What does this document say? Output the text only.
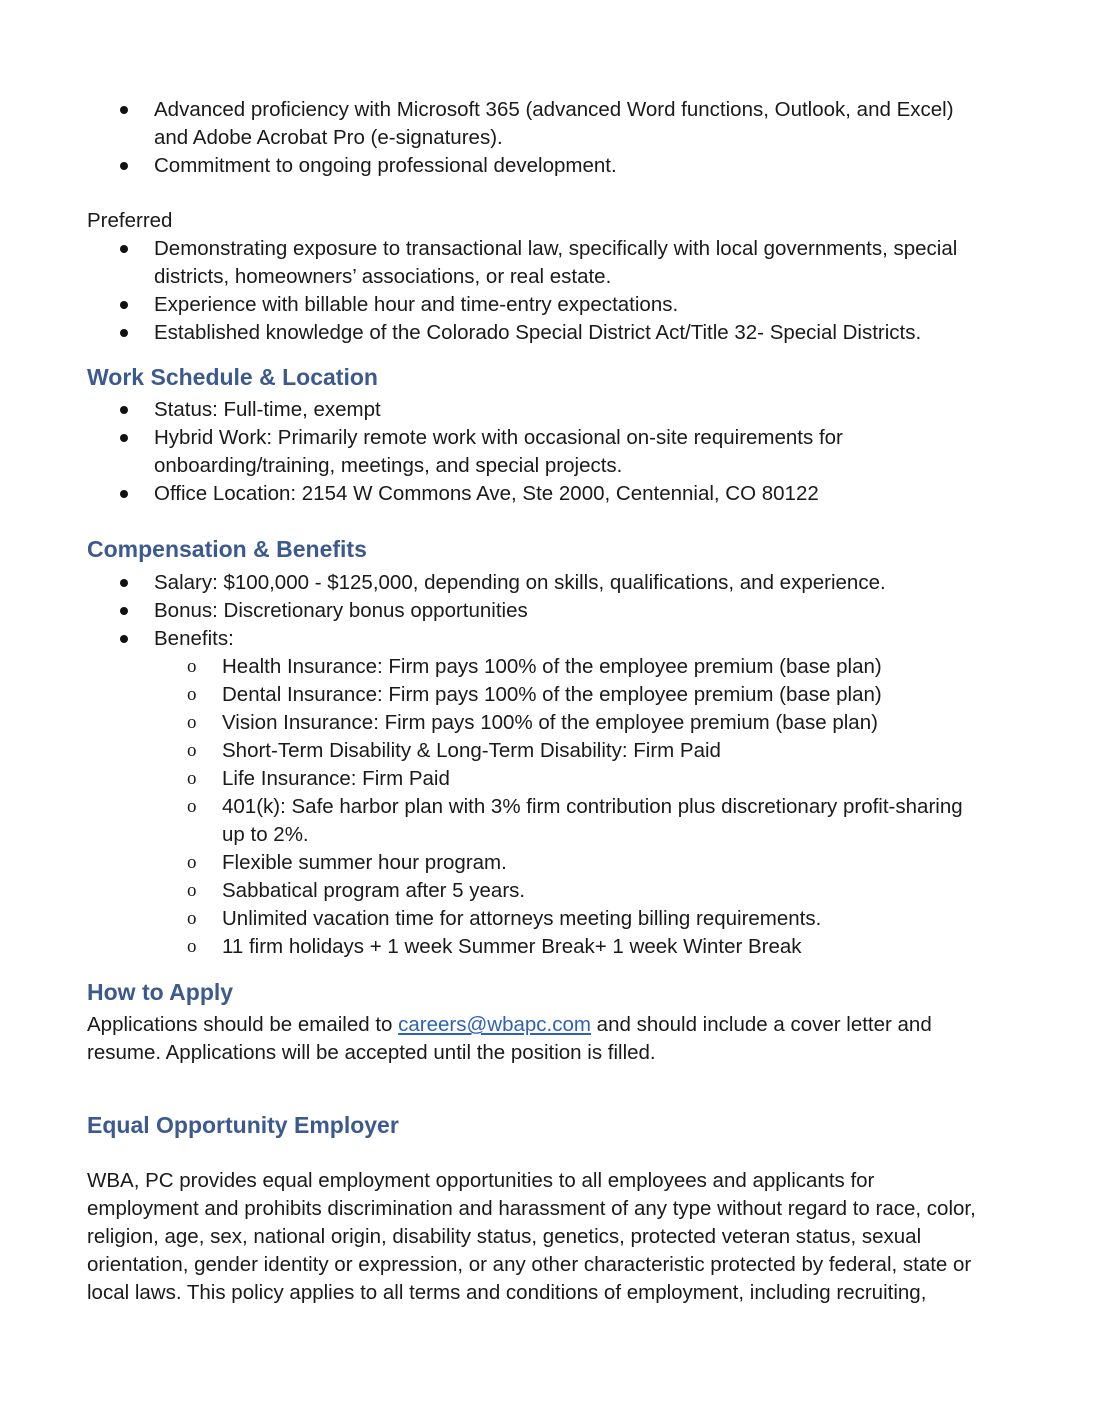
Advanced proficiency with Microsoft 365 (advanced Word functions, Outlook, and Excel) and Adobe Acrobat Pro (e-signatures).
Commitment to ongoing professional development.

Preferred

Demonstrating exposure to transactional law, specifically with local governments, special districts, homeowners’ associations, or real estate.
Experience with billable hour and time-entry expectations.
Established knowledge of the Colorado Special District Act/Title 32- Special Districts.
Work Schedule & Location
Status: Full-time, exempt
Hybrid Work: Primarily remote work with occasional on-site requirements for onboarding/training, meetings, and special projects.
Office Location: 2154 W Commons Ave, Ste 2000, Centennial, CO 80122
Compensation & Benefits
Salary: $100,000 - $125,000, depending on skills, qualifications, and experience.
Bonus: Discretionary bonus opportunities
Benefits:
o Health Insurance: Firm pays 100% of the employee premium (base plan)
o Dental Insurance: Firm pays 100% of the employee premium (base plan)
o Vision Insurance: Firm pays 100% of the employee premium (base plan)
o Short-Term Disability & Long-Term Disability: Firm Paid
o Life Insurance: Firm Paid
o 401(k): Safe harbor plan with 3% firm contribution plus discretionary profit-sharing up to 2%.
o Flexible summer hour program.
o Sabbatical program after 5 years.
o Unlimited vacation time for attorneys meeting billing requirements.
o 11 firm holidays + 1 week Summer Break+ 1 week Winter Break
How to Apply

Applications should be emailed to careers@wbapc.com and should include a cover letter and resume. Applications will be accepted until the position is filled.

Equal Opportunity Employer

WBA, PC provides equal employment opportunities to all employees and applicants for employment and prohibits discrimination and harassment of any type without regard to race, color, religion, age, sex, national origin, disability status, genetics, protected veteran status, sexual orientation, gender identity or expression, or any other characteristic protected by federal, state or local laws. This policy applies to all terms and conditions of employment, including recruiting,
